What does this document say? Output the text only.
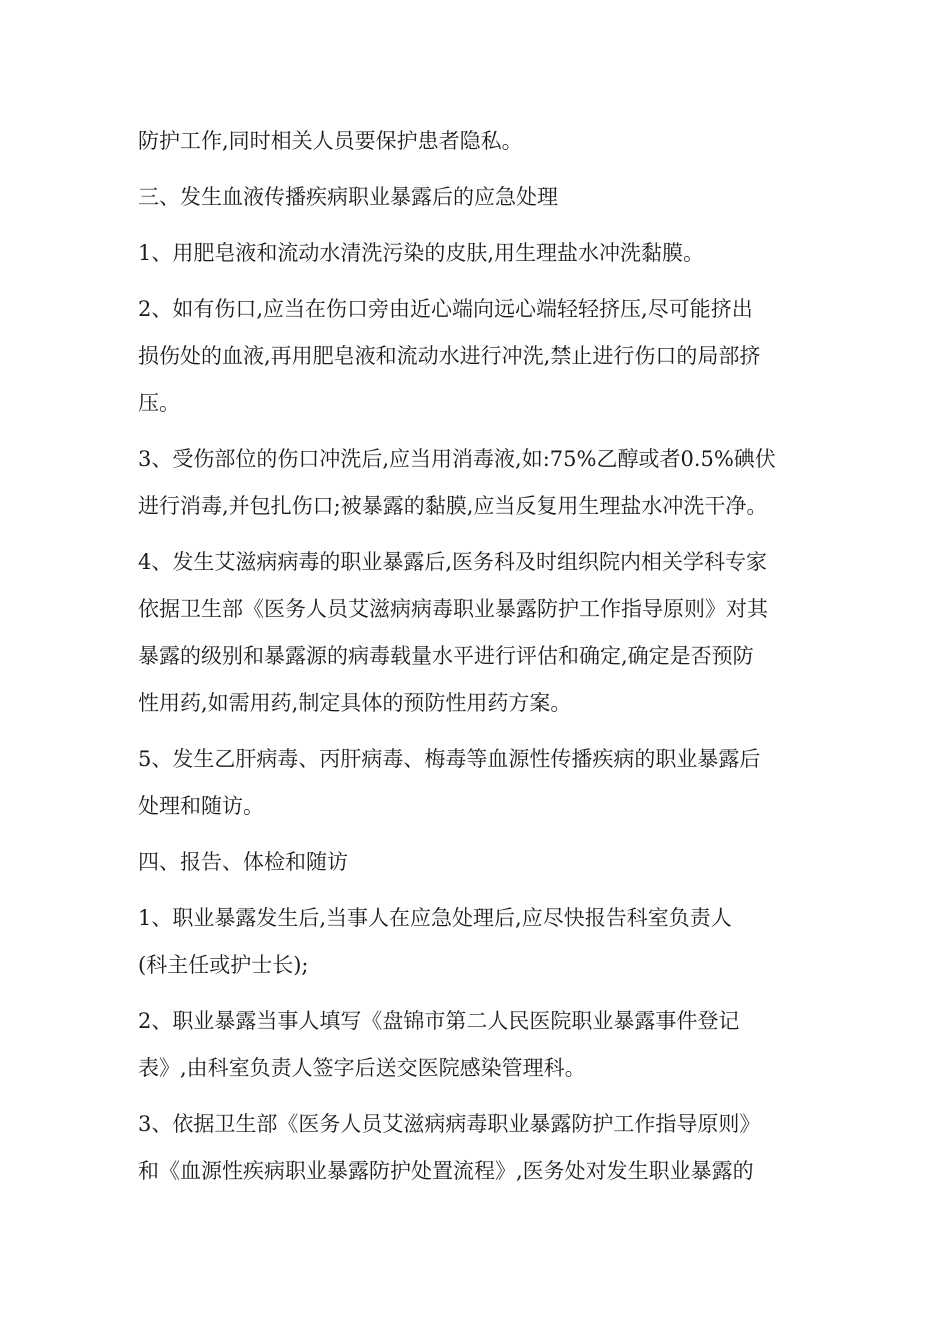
防护工作,同时相关人员要保护患者隐私。

三、发生血液传播疾病职业暴露后的应急处理

1、用肥皂液和流动水清洗污染的皮肤,用生理盐水冲洗黏膜。

2、如有伤口,应当在伤口旁由近心端向远心端轻轻挤压,尽可能挤出
损伤处的血液,再用肥皂液和流动水进行冲洗,禁止进行伤口的局部挤
压。

3、受伤部位的伤口冲洗后,应当用消毒液,如:75%乙醇或者0.5%碘伏
进行消毒,并包扎伤口;被暴露的黏膜,应当反复用生理盐水冲洗干净。

4、发生艾滋病病毒的职业暴露后,医务科及时组织院内相关学科专家
依据卫生部《医务人员艾滋病病毒职业暴露防护工作指导原则》对其
暴露的级别和暴露源的病毒载量水平进行评估和确定,确定是否预防
性用药,如需用药,制定具体的预防性用药方案。

5、发生乙肝病毒、丙肝病毒、梅毒等血源性传播疾病的职业暴露后
处理和随访。

四、报告、体检和随访

1、职业暴露发生后,当事人在应急处理后,应尽快报告科室负责人
(科主任或护士长);

2、职业暴露当事人填写《盘锦市第二人民医院职业暴露事件登记
表》,由科室负责人签字后送交医院感染管理科。

3、依据卫生部《医务人员艾滋病病毒职业暴露防护工作指导原则》
和《血源性疾病职业暴露防护处置流程》,医务处对发生职业暴露的
